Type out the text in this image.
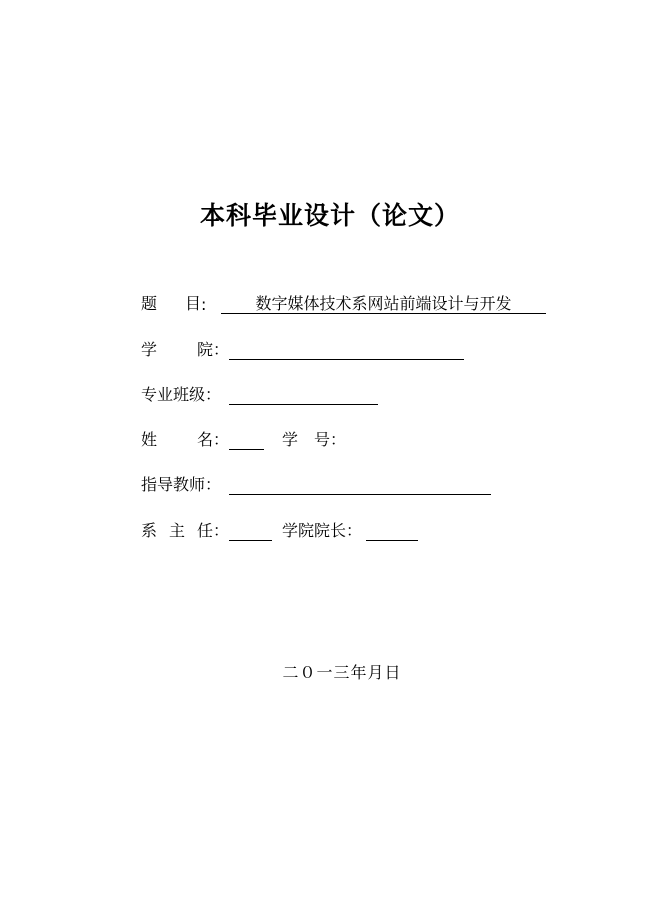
本科毕业设计（论文）
题 目 :	数字媒体技术系网站前端设计与开发
学 院 ：
专业班级 ：
姓 名 ：	学 号 ：
指导教师 ：
系 主 任 ：	学院院长 ：
二０一三年月日
